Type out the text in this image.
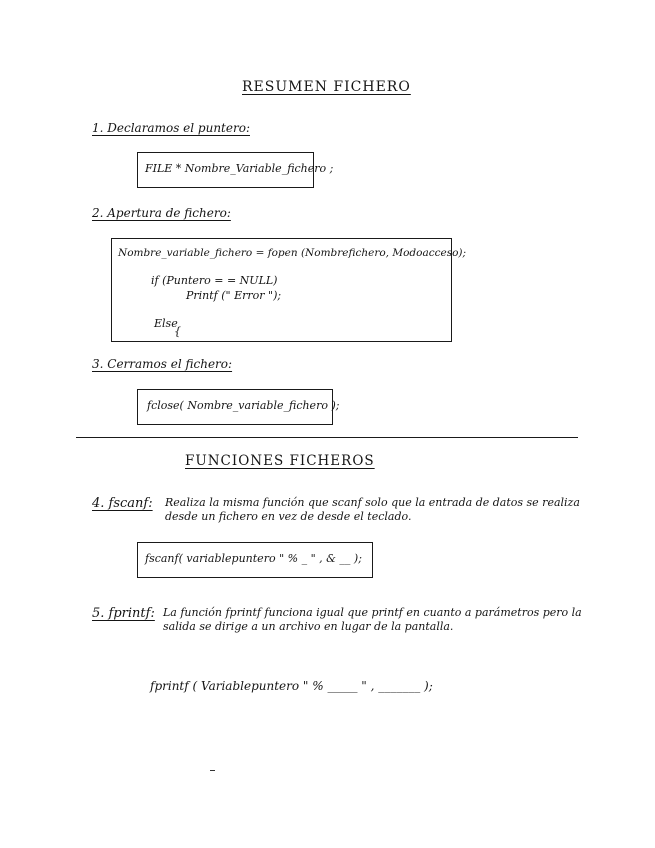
RESUMEN FICHERO
1. Declaramos el puntero:
FILE * Nombre_Variable_fichero ;
2. Apertura de fichero:
Nombre_variable_fichero = fopen (Nombrefichero, Modoacceso);
if (Puntero = = NULL)
Printf (" Error ");
Else
{
3. Cerramos el fichero:
fclose( Nombre_variable_fichero );
FUNCIONES FICHEROS
4. fscanf: Realiza la misma función que scanf solo que la entrada de datos se realiza desde un fichero en vez de desde el teclado.
fscanf( variablepuntero " % _ " , & __ );
5. fprintf: La función fprintf funciona igual que printf en cuanto a parámetros pero la salida se dirige a un archivo en lugar de la pantalla.
fprintf ( Variablepuntero " % _____ " , _______ );
